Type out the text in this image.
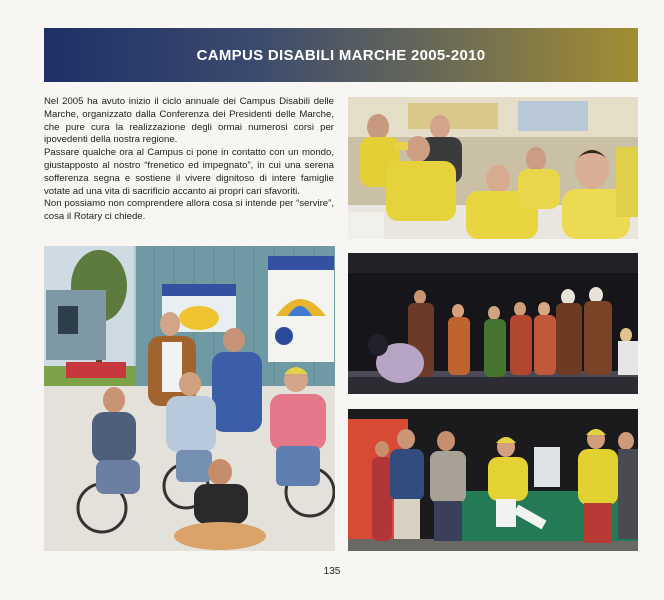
CAMPUS DISABILI MARCHE 2005-2010

Nel 2005 ha avuto inizio il ciclo annuale dei Campus Disabili delle Marche, organizzato dalla Conferenza dei Presidenti delle Marche, che pure cura la realizzazione degli ormai numerosi corsi per ipovedenti della nostra regione.

Passare qualche ora al Campus ci pone in contatto con un mondo, giustapposto al nostro “frenetico ed impegnato”, in cui una serena sofferenza segna e sostiene il vivere dignitoso di intere famiglie votate ad una vita di sacrificio accanto ai propri cari sfavoriti.

Non possiamo non comprendere allora cosa si intende per “servire”, cosa il Rotary ci chiede.

135
